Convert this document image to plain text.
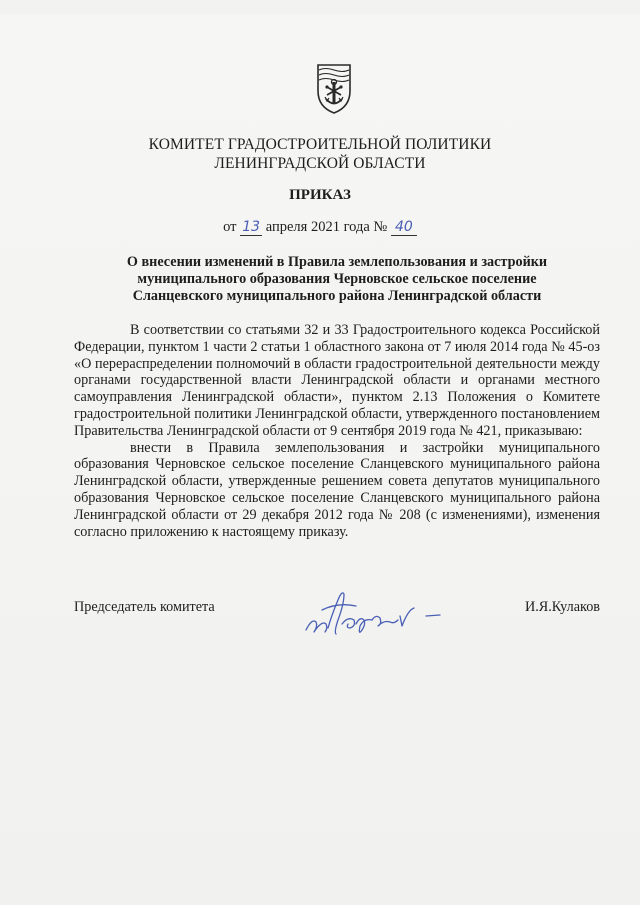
КОМИТЕТ ГРАДОСТРОИТЕЛЬНОЙ ПОЛИТИКИ
ЛЕНИНГРАДСКОЙ ОБЛАСТИ
ПРИКАЗ
от 13 апреля 2021 года № 40
О внесении изменений в Правила землепользования и застройки
муниципального образования Черновское сельское поселение
Сланцевского муниципального района Ленинградской области

В соответствии со статьями 32 и 33 Градостроительного кодекса Российской Федерации, пунктом 1 части 2 статьи 1 областного закона от 7 июля 2014 года № 45-оз «О перераспределении полномочий в области градостроительной деятельности между органами государственной власти Ленинградской области и органами местного самоуправления Ленинградской области», пунктом 2.13 Положения о Комитете градостроительной политики Ленинградской области, утвержденного постановлением Правительства Ленинградской области от 9 сентября 2019 года № 421, приказываю:

внести в Правила землепользования и застройки муниципального образования Черновское сельское поселение Сланцевского муниципального района Ленинградской области, утвержденные решением совета депутатов муниципального образования Черновское сельское поселение Сланцевского муниципального района Ленинградской области от 29 декабря 2012 года № 208 (с изменениями), изменения согласно приложению к настоящему приказу.

Председатель комитета	И.Я.Кулаков
